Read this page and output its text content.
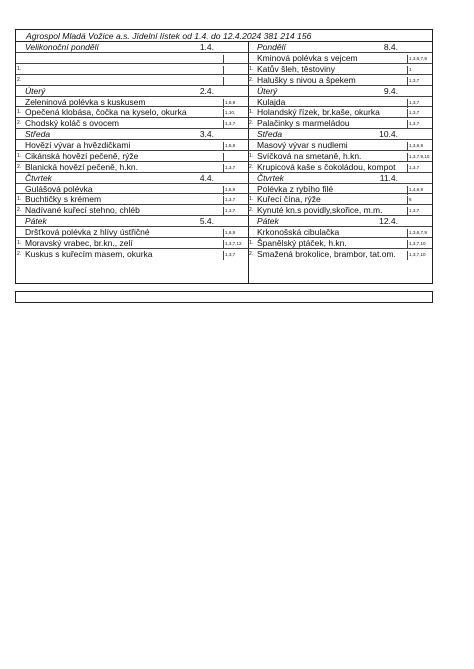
Agrospol Mladá Vožice a.s. Jídelní lístek od 1.4. do 12.4.2024 381 214 156
Velikonoční pondělí	1.4.
1.
2.
Úterý	2.4.
Zeleninová polévka s kuskusem	1,6,9
1. Opečená klobása, čočka na kyselo, okurka	1,10,
2. Chodský koláč s ovocem	1,3,7
Středa	3.4.
Hovězí vývar a hvězdičkami	1,6,9
1. Cikánská hovězí pečeně, rýže
2. Blanická hovězí pečeně, h.kn.	1,3,7
Čtvrtek	4.4.
Gulášová polévka	1,6,9
1. Buchtičky s krémem	1,3,7
2. Nadívané kuřecí stehno, chléb	1,3,7
Pátek	5.4.
Dršťková polévka z hlívy ústřičné	1,6,9
1. Moravský vrabec, br.kn., zelí	1,3,7,12
2. Kuskus s kuřecím masem, okurka	1,3,7
Pondělí	8.4.
Kminová polévka s vejcem	1,3,6,7,9
1. Katův šleh, těstoviny	1
2. Halušky s nivou a špekem	1,3,7
Úterý	9.4.
Kulajda	1,3,7
1. Holandský řízek, br.kaše, okurka	1,3,7
2. Palačinky s marmeládou	1,3,7
Středa	10.4.
Masový vývar s nudlemi	1,3,6,9
1. Svíčková na smetaně, h.kn.	1,3,7,9,10
2. Krupicová kaše s čokoládou, kompot	1,3,7
Čtvrtek	11.4.
Polévka z rybího filé	1,4,6,9
1. Kuřecí čína, rýže	6
2. Kynuté kn.s povidly,skořice, m.m.	1,3,7
Pátek	12.4.
Krkonošská cibulačka	1,3,6,7,9
1. Španělský ptáček, h.kn.	1,3,7,10
2. Smažená brokolice, brambor, tat.om.	1,3,7,10
